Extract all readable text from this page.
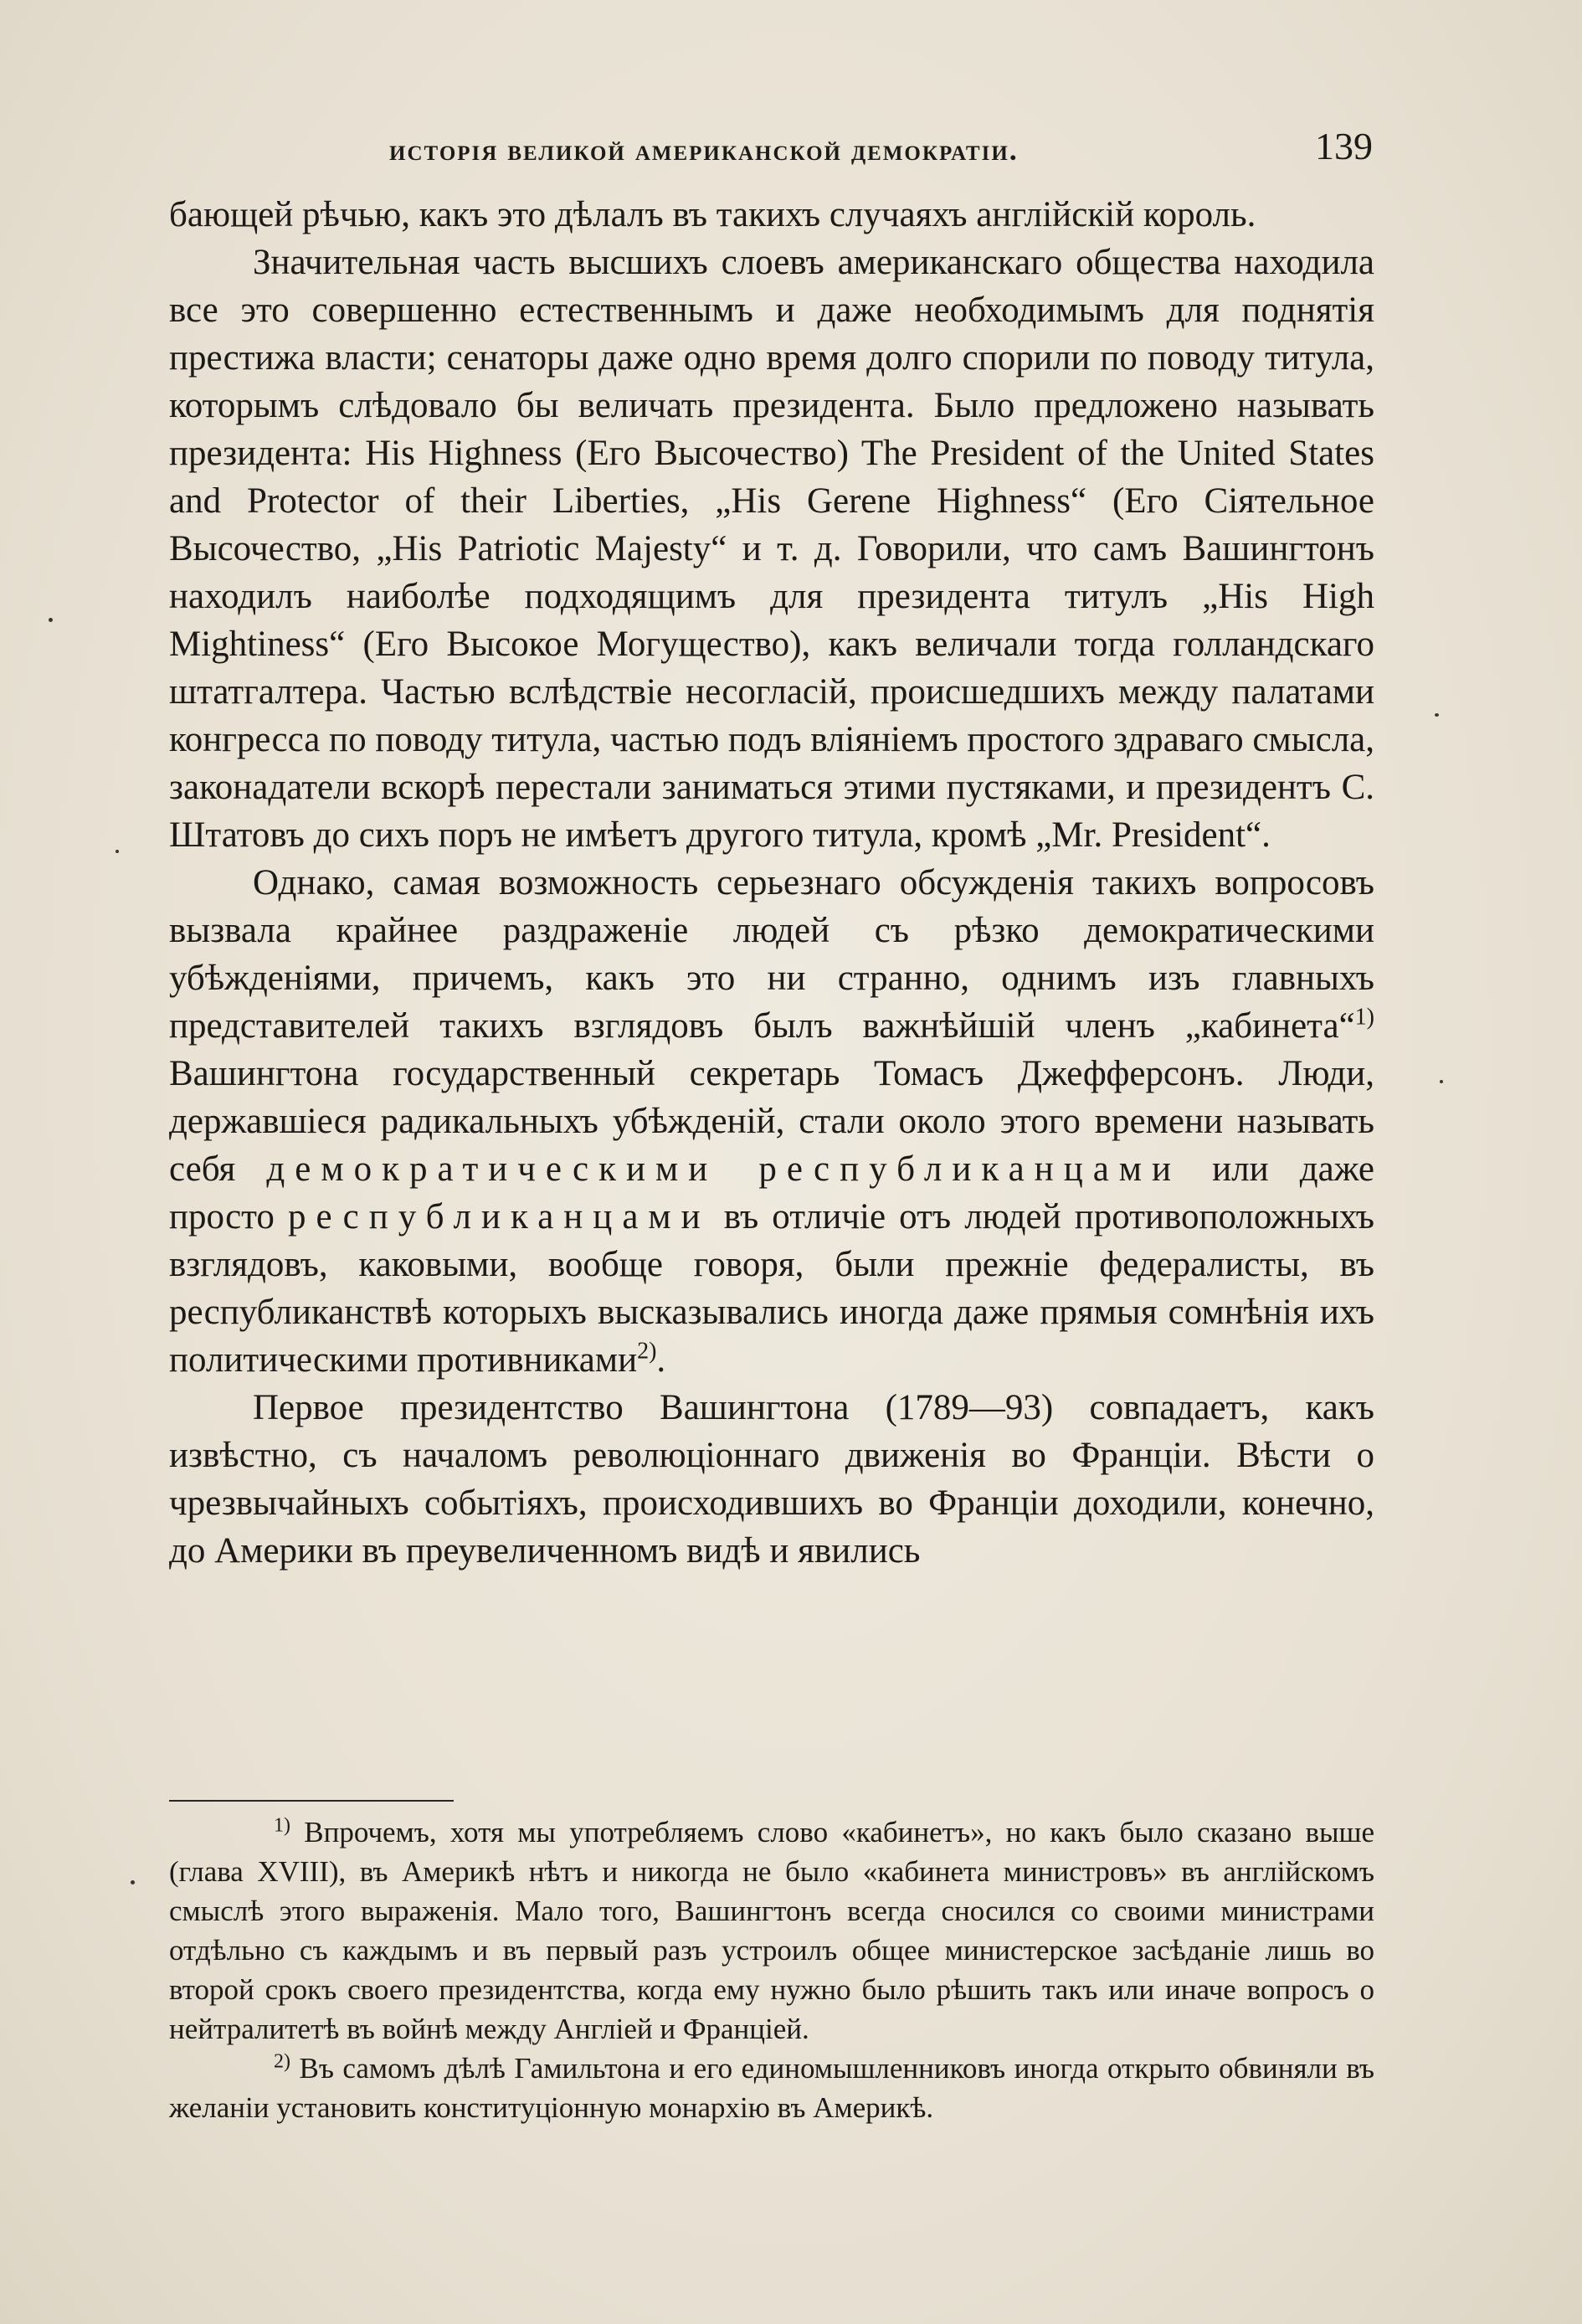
исторія великой американской демократіи.	139

бающей рѣчью, какъ это дѣлалъ въ такихъ случаяхъ англійскій король.

Значительная часть высшихъ слоевъ американскаго общества находила все это совершенно естественнымъ и даже необходимымъ для поднятія престижа власти; сенаторы даже одно время долго спорили по поводу титула, которымъ слѣдовало бы величать президента. Было предложено называть президента: His Highness (Его Высочество) The President of the United States and Protector of their Liberties, „His Gerene Highness“ (Его Сіятельное Высочество, „His Patriotic Majesty“ и т. д. Говорили, что самъ Вашингтонъ находилъ наиболѣе подходящимъ для президента титулъ „His High Mightiness“ (Его Высокое Могущество), какъ величали тогда голландскаго штатгалтера. Частью вслѣдствіе несогласій, происшедшихъ между палатами конгресса по поводу титула, частью подъ вліяніемъ простого здраваго смысла, законадатели вскорѣ перестали заниматься этими пустяками, и президентъ С. Штатовъ до сихъ поръ не имѣетъ другого титула, кромѣ „Mr. President“.

Однако, самая возможность серьезнаго обсужденія такихъ вопросовъ вызвала крайнее раздраженіе людей съ рѣзко демократическими убѣжденіями, причемъ, какъ это ни странно, однимъ изъ главныхъ представителей такихъ взглядовъ былъ важнѣйшій членъ „кабинета“$^{1)}$ Вашингтона государственный секретарь Томасъ Джефферсонъ. Люди, державшіеся радикальныхъ убѣжденій, стали около этого времени называть себя демократическими республиканцами или даже просто республиканцами въ отличіе отъ людей противоположныхъ взглядовъ, каковыми, вообще говоря, были прежніе федералисты, въ республиканствѣ которыхъ высказывались иногда даже прямыя сомнѣнія ихъ политическими противниками$^{2)}$.

Первое президентство Вашингтона (1789—93) совпадаетъ, какъ извѣстно, съ началомъ революціоннаго движенія во Франціи. Вѣсти о чрезвычайныхъ событіяхъ, происходившихъ во Франціи доходили, конечно, до Америки въ преувеличенномъ видѣ и явились

$^{1)}$ Впрочемъ, хотя мы употребляемъ слово «кабинетъ», но какъ было сказано выше (глава XVIII), въ Америкѣ нѣтъ и никогда не было «кабинета министровъ» въ англійскомъ смыслѣ этого выраженія. Мало того, Вашингтонъ всегда сносился со своими министрами отдѣльно съ каждымъ и въ первый разъ устроилъ общее министерское засѣданіе лишь во второй срокъ своего президентства, когда ему нужно было рѣшить такъ или иначе вопросъ о нейтралитетѣ въ войнѣ между Англіей и Франціей.

$^{2)}$ Въ самомъ дѣлѣ Гамильтона и его единомышленниковъ иногда открыто обвиняли въ желаніи установить конституціонную монархію въ Америкѣ.
